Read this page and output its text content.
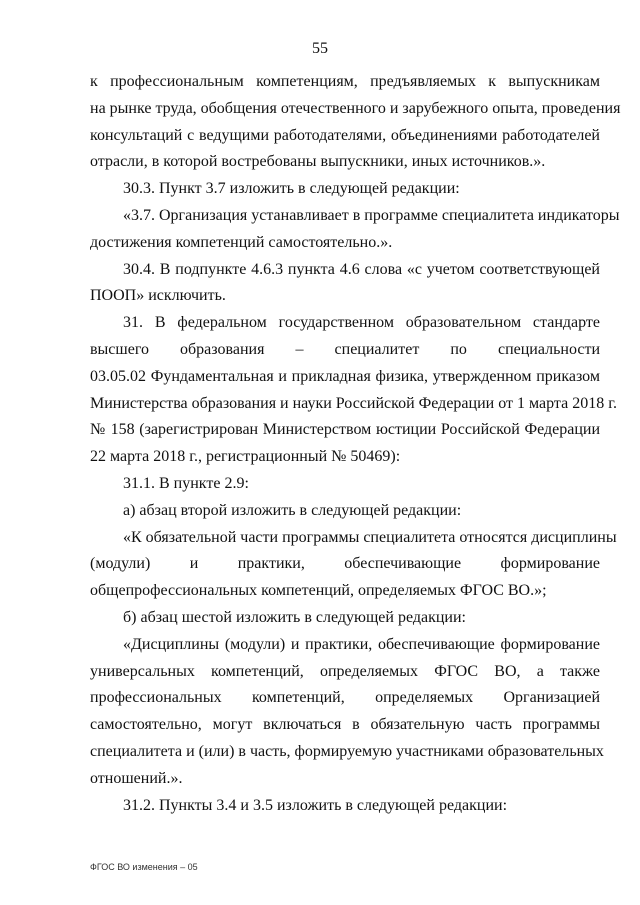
55

к профессиональным компетенциям, предъявляемых к выпускникам
на рынке труда, обобщения отечественного и зарубежного опыта, проведения
консультаций с ведущими работодателями, объединениями работодателей
отрасли, в которой востребованы выпускники, иных источников.».

30.3. Пункт 3.7 изложить в следующей редакции:

«3.7. Организация устанавливает в программе специалитета индикаторы
достижения компетенций самостоятельно.».

30.4. В подпункте 4.6.3 пункта 4.6 слова «с учетом соответствующей
ПООП» исключить.

31. В федеральном государственном образовательном стандарте
высшего образования – специалитет по специальности
03.05.02 Фундаментальная и прикладная физика, утвержденном приказом
Министерства образования и науки Российской Федерации от 1 марта 2018 г.
№ 158 (зарегистрирован Министерством юстиции Российской Федерации
22 марта 2018 г., регистрационный № 50469):

31.1. В пункте 2.9:

а) абзац второй изложить в следующей редакции:

«К обязательной части программы специалитета относятся дисциплины
(модули) и практики, обеспечивающие формирование
общепрофессиональных компетенций, определяемых ФГОС ВО.»;

б) абзац шестой изложить в следующей редакции:

«Дисциплины (модули) и практики, обеспечивающие формирование
универсальных компетенций, определяемых ФГОС ВО, а также
профессиональных компетенций, определяемых Организацией
самостоятельно, могут включаться в обязательную часть программы
специалитета и (или) в часть, формируемую участниками образовательных
отношений.».

31.2. Пункты 3.4 и 3.5 изложить в следующей редакции:

ФГОС ВО изменения – 05
